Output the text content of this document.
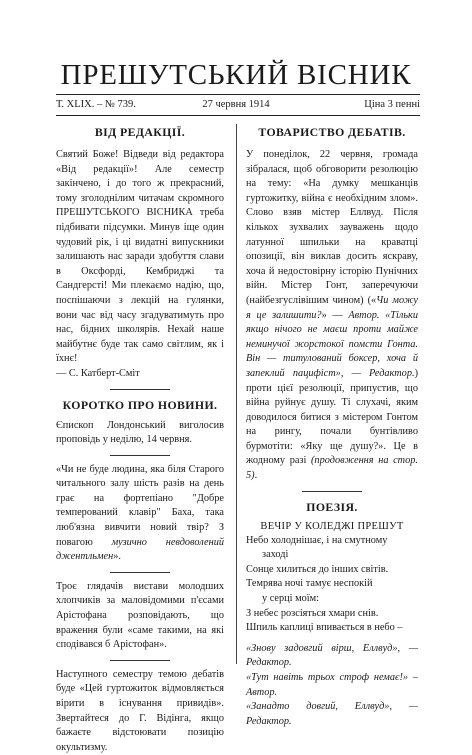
ПРЕШУТСЬКИЙ ВІСНИК
Т. XLIX. – № 739.	27 червня 1914	Ціна 3 пенні
ВІД РЕДАКЦІЇ.

Святий Боже! Відведи від редактора «Від редакції»! Але семестр закінчено, і до того ж прекрасний, тому зголоднілим читачам скромного ПРЕШУТСЬКОГО ВІСНИКА треба підбивати підсумки. Минув іще один чудовий рік, і ці видатні випускники залишають нас заради здобуття слави в Оксфорді, Кембриджі та Сандгерсті! Ми плекаємо надію, що, поспішаючи з лекцій на гулянки, вони час від часу згадуватимуть про нас, бідних школярів. Нехай наше майбутнє буде так само світлим, як і їхнє!

— С. Катберт-Сміт

КОРОТКО ПРО НОВИНИ.

Єпископ Лондонський виголосив проповідь у неділю, 14 червня.

«Чи не буде людина, яка біля Старого читального залу шість разів на день грає на фортепіано "Добре темперований клавір" Баха, така люб'язна вивчити новий твір? З повагою музично невдоволений джентльмен».

Троє глядачів вистави молодших хлопчиків за маловідомими п'єсами Арістофана розповідають, що враження були «саме такими, на які сподівався б Арістофан».

Наступного семестру темою дебатів буде «Цей гуртожиток відмовляється вірити в існування привидів». Звертайтеся до Г. Відінга, якщо бажаєте відстоювати позицію окультизму.

ТОВАРИСТВО ДЕБАТІВ.

У понеділок, 22 червня, громада зібралася, щоб обговорити резолюцію на тему: «На думку мешканців гуртожитку, війна є необхідним злом». Слово взяв містер Еллвуд. Після кількох зухвалих зауважень щодо латунної шпильки на краватці опозиції, він виклав досить яскраву, хоча й недостовірну історію Пунічних війн. Містер Гонт, заперечуючи (найбезгуслівішим чином) («Чи можу я це залишити?» — Автор. «Тільки якщо нічого не маєш проти майже неминучої жорстокої помсти Гонта. Він — титулований боксер, хоча й запеклий пацифіст», — Редактор.) проти цієї резолюції, припустив, що війна руйнує душу. Ті слухачі, яким доводилося битися з містером Гонтом на рингу, почали бунтівливо бурмотіти: «Яку ще душу?». Це в жодному разі (продовження на стор. 5).

ПОЕЗІЯ.
ВЕЧІР У КОЛЕДЖІ ПРЕШУТ

Небо холоднішає, і на смутному

заході

Сонце хилиться до інших світів.

Темрява ночі тамує неспокій

у серці моїм:

З небес розсіяться хмари снів.

Шпиль каплиці впивається в небо –

«Знову задовгий вірш, Еллвуд», — Редактор.

«Тут навіть трьох строф немає!» – Автор.

«Занадто довгий, Еллвуд», — Редактор.
